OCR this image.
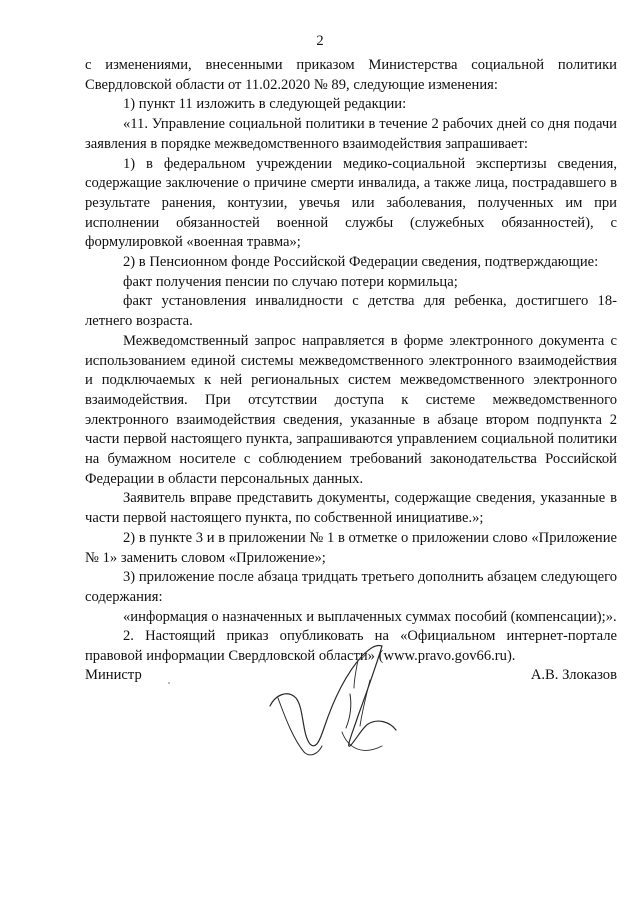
2

с изменениями, внесенными приказом Министерства социальной политики Свердловской области от 11.02.2020 № 89, следующие изменения:

1) пункт 11 изложить в следующей редакции:

«11. Управление социальной политики в течение 2 рабочих дней со дня подачи заявления в порядке межведомственного взаимодействия запрашивает:

1) в федеральном учреждении медико-социальной экспертизы сведения, содержащие заключение о причине смерти инвалида, а также лица, пострадавшего в результате ранения, контузии, увечья или заболевания, полученных им при исполнении обязанностей военной службы (служебных обязанностей), с формулировкой «военная травма»;

2) в Пенсионном фонде Российской Федерации сведения, подтверждающие:

факт получения пенсии по случаю потери кормильца;

факт установления инвалидности с детства для ребенка, достигшего 18-летнего возраста.

Межведомственный запрос направляется в форме электронного документа с использованием единой системы межведомственного электронного взаимодействия и подключаемых к ней региональных систем межведомственного электронного взаимодействия. При отсутствии доступа к системе межведомственного электронного взаимодействия сведения, указанные в абзаце втором подпункта 2 части первой настоящего пункта, запрашиваются управлением социальной политики на бумажном носителе с соблюдением требований законодательства Российской Федерации в области персональных данных.

Заявитель вправе представить документы, содержащие сведения, указанные в части первой настоящего пункта, по собственной инициативе.»;

2) в пункте 3 и в приложении № 1 в отметке о приложении слово «Приложение № 1» заменить словом «Приложение»;

3) приложение после абзаца тридцать третьего дополнить абзацем следующего содержания:

«информация о назначенных и выплаченных суммах пособий (компенсации);».

2. Настоящий приказ опубликовать на «Официальном интернет-портале правовой информации Свердловской области» (www.pravo.gov66.ru).

Министр	А.В. Злоказов
